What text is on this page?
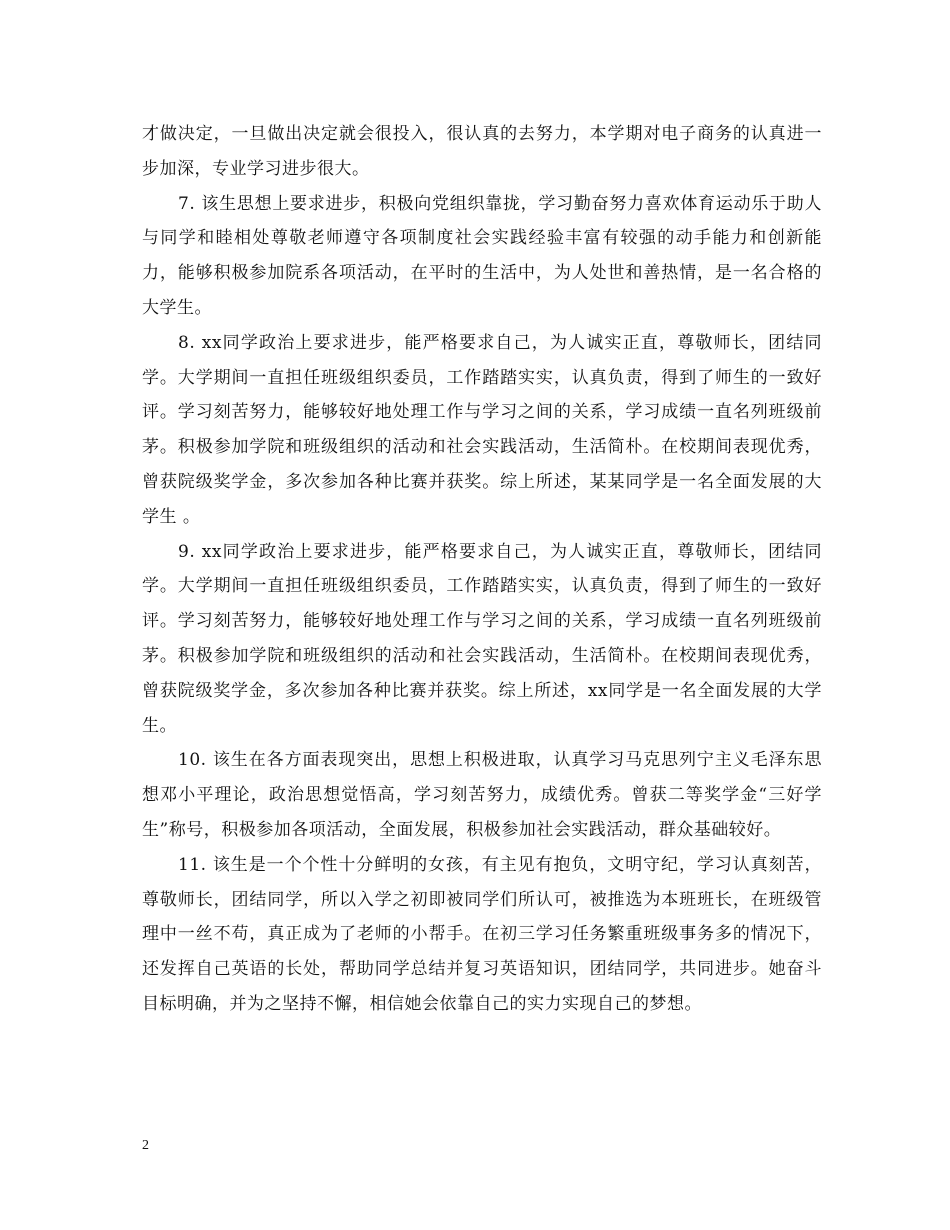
才做决定，一旦做出决定就会很投入，很认真的去努力，本学期对电子商务的认真进一步加深，专业学习进步很大。

7. 该生思想上要求进步，积极向党组织靠拢，学习勤奋努力喜欢体育运动乐于助人与同学和睦相处尊敬老师遵守各项制度社会实践经验丰富有较强的动手能力和创新能力，能够积极参加院系各项活动，在平时的生活中，为人处世和善热情，是一名合格的大学生。

8. xx同学政治上要求进步，能严格要求自己，为人诚实正直，尊敬师长，团结同学。大学期间一直担任班级组织委员，工作踏踏实实，认真负责，得到了师生的一致好评。学习刻苦努力，能够较好地处理工作与学习之间的关系，学习成绩一直名列班级前茅。积极参加学院和班级组织的活动和社会实践活动，生活简朴。在校期间表现优秀，曾获院级奖学金，多次参加各种比赛并获奖。综上所述，某某同学是一名全面发展的大学生 。

9. xx同学政治上要求进步，能严格要求自己，为人诚实正直，尊敬师长，团结同学。大学期间一直担任班级组织委员，工作踏踏实实，认真负责，得到了师生的一致好评。学习刻苦努力，能够较好地处理工作与学习之间的关系，学习成绩一直名列班级前茅。积极参加学院和班级组织的活动和社会实践活动，生活简朴。在校期间表现优秀，曾获院级奖学金，多次参加各种比赛并获奖。综上所述，xx同学是一名全面发展的大学生。

10. 该生在各方面表现突出，思想上积极进取，认真学习马克思列宁主义毛泽东思想邓小平理论，政治思想觉悟高，学习刻苦努力，成绩优秀。曾获二等奖学金“三好学生”称号，积极参加各项活动，全面发展，积极参加社会实践活动，群众基础较好。

11. 该生是一个个性十分鲜明的女孩，有主见有抱负，文明守纪，学习认真刻苦，尊敬师长，团结同学，所以入学之初即被同学们所认可，被推选为本班班长，在班级管理中一丝不苟，真正成为了老师的小帮手。在初三学习任务繁重班级事务多的情况下，还发挥自己英语的长处，帮助同学总结并复习英语知识，团结同学，共同进步。她奋斗目标明确，并为之坚持不懈，相信她会依靠自己的实力实现自己的梦想。

2
